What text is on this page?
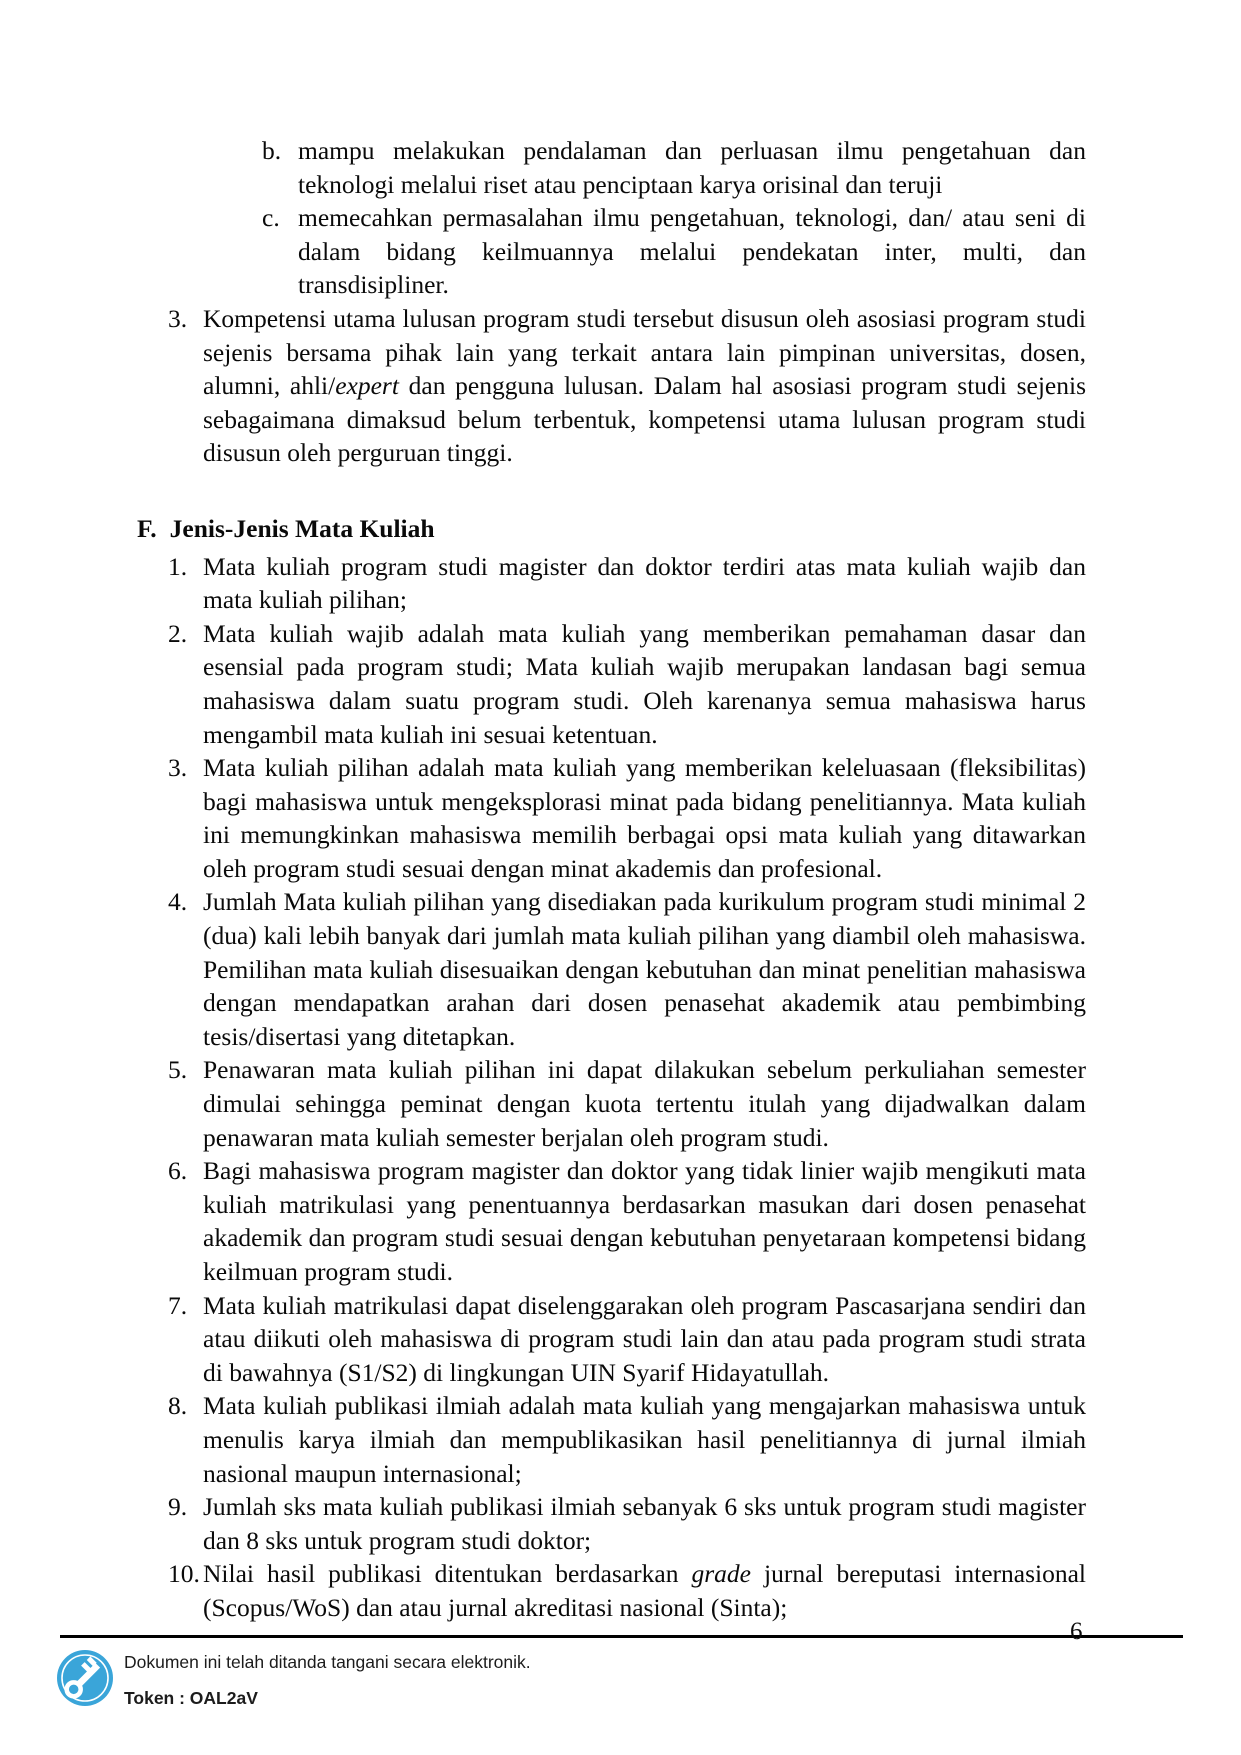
b. mampu melakukan pendalaman dan perluasan ilmu pengetahuan dan teknologi melalui riset atau penciptaan karya orisinal dan teruji
c. memecahkan permasalahan ilmu pengetahuan, teknologi, dan/ atau seni di dalam bidang keilmuannya melalui pendekatan inter, multi, dan transdisipliner.
3. Kompetensi utama lulusan program studi tersebut disusun oleh asosiasi program studi sejenis bersama pihak lain yang terkait antara lain pimpinan universitas, dosen, alumni, ahli/expert dan pengguna lulusan. Dalam hal asosiasi program studi sejenis sebagaimana dimaksud belum terbentuk, kompetensi utama lulusan program studi disusun oleh perguruan tinggi.
F. Jenis-Jenis Mata Kuliah
1. Mata kuliah program studi magister dan doktor terdiri atas mata kuliah wajib dan mata kuliah pilihan;
2. Mata kuliah wajib adalah mata kuliah yang memberikan pemahaman dasar dan esensial pada program studi; Mata kuliah wajib merupakan landasan bagi semua mahasiswa dalam suatu program studi. Oleh karenanya semua mahasiswa harus mengambil mata kuliah ini sesuai ketentuan.
3. Mata kuliah pilihan adalah mata kuliah yang memberikan keleluasaan (fleksibilitas) bagi mahasiswa untuk mengeksplorasi minat pada bidang penelitiannya. Mata kuliah ini memungkinkan mahasiswa memilih berbagai opsi mata kuliah yang ditawarkan oleh program studi sesuai dengan minat akademis dan profesional.
4. Jumlah Mata kuliah pilihan yang disediakan pada kurikulum program studi minimal 2 (dua) kali lebih banyak dari jumlah mata kuliah pilihan yang diambil oleh mahasiswa. Pemilihan mata kuliah disesuaikan dengan kebutuhan dan minat penelitian mahasiswa dengan mendapatkan arahan dari dosen penasehat akademik atau pembimbing tesis/disertasi yang ditetapkan.
5. Penawaran mata kuliah pilihan ini dapat dilakukan sebelum perkuliahan semester dimulai sehingga peminat dengan kuota tertentu itulah yang dijadwalkan dalam penawaran mata kuliah semester berjalan oleh program studi.
6. Bagi mahasiswa program magister dan doktor yang tidak linier wajib mengikuti mata kuliah matrikulasi yang penentuannya berdasarkan masukan dari dosen penasehat akademik dan program studi sesuai dengan kebutuhan penyetaraan kompetensi bidang keilmuan program studi.
7. Mata kuliah matrikulasi dapat diselenggarakan oleh program Pascasarjana sendiri dan atau diikuti oleh mahasiswa di program studi lain dan atau pada program studi strata di bawahnya (S1/S2) di lingkungan UIN Syarif Hidayatullah.
8. Mata kuliah publikasi ilmiah adalah mata kuliah yang mengajarkan mahasiswa untuk menulis karya ilmiah dan mempublikasikan hasil penelitiannya di jurnal ilmiah nasional maupun internasional;
9. Jumlah sks mata kuliah publikasi ilmiah sebanyak 6 sks untuk program studi magister dan 8 sks untuk program studi doktor;
10. Nilai hasil publikasi ditentukan berdasarkan grade jurnal bereputasi internasional (Scopus/WoS) dan atau jurnal akreditasi nasional (Sinta);
6
Dokumen ini telah ditanda tangani secara elektronik.
Token : OAL2aV
